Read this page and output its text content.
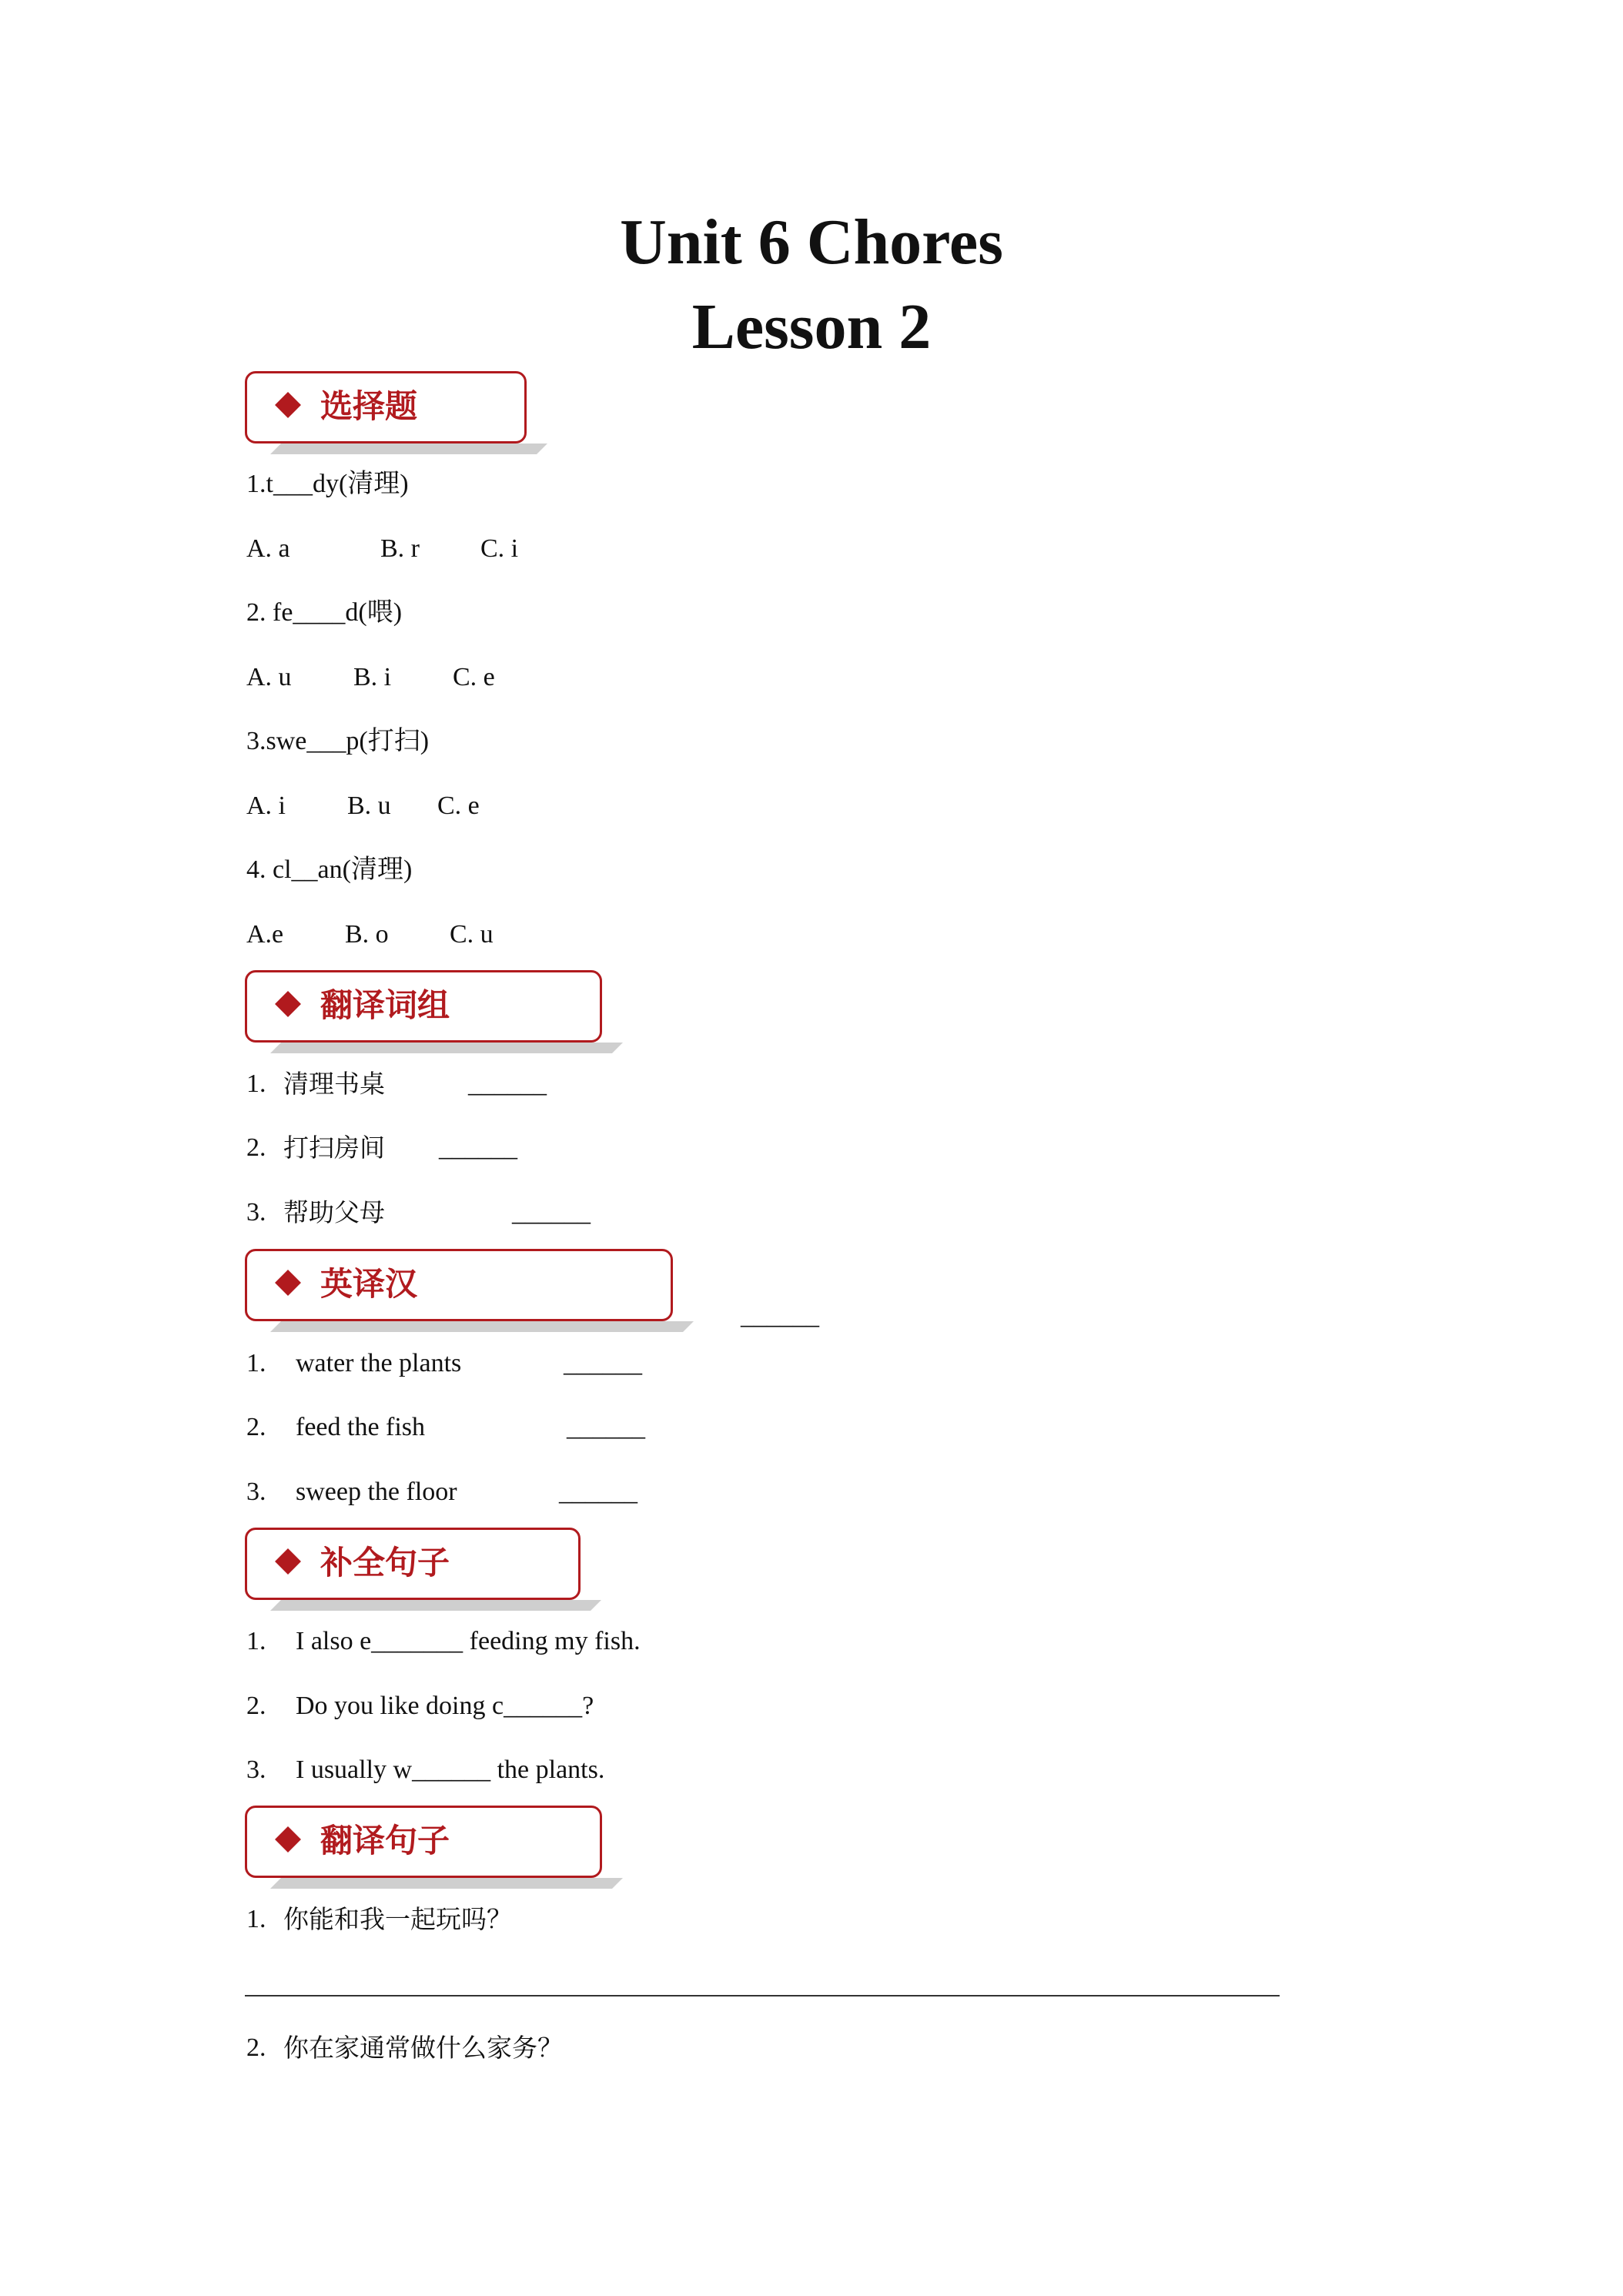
Unit 6 Chores
Lesson 2
选择题
1.t___dy(清理)
A. a	B. r C. i
2. fe____d(喂)
A. u B. i C. e
3.swe___p(打扫)
A. i B. u C. e
4. cl__an(清理)
A.e B. o C. u
翻译词组
1. 清理书桌	______
2. 打扫房间 ______
3. 帮助父母	______
英译汉
______
1. water the plants	______
2. feed the fish	______
3. sweep the floor	______
补全句子
1. I also e_______ feeding my fish.
2. Do you like doing c______?
3. I usually w______ the plants.
翻译句子
1. 你能和我一起玩吗？
2. 你在家通常做什么家务？
